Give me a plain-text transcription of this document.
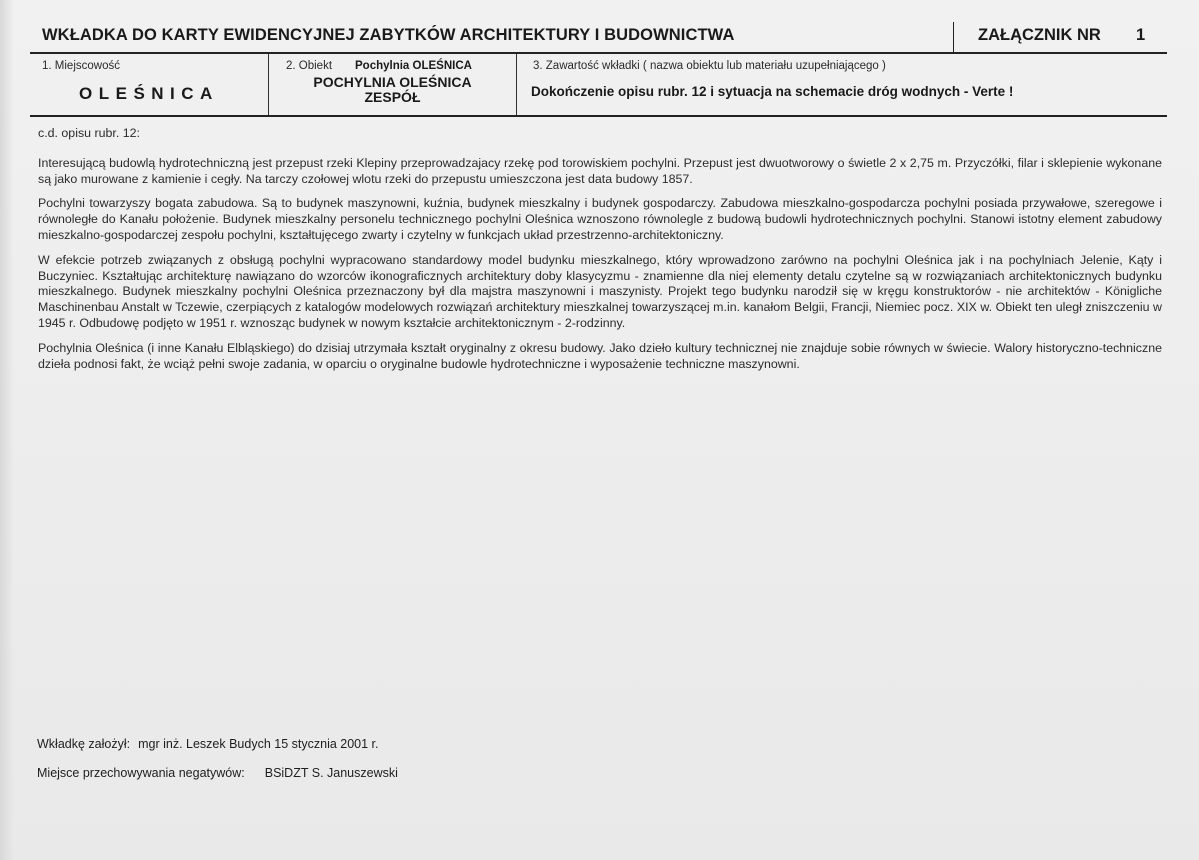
WKŁADKA DO KARTY EWIDENCYJNEJ ZABYTKÓW ARCHITEKTURY I BUDOWNICTWA	ZAŁĄCZNIK NR 1
1. Miejscowość
OLEŚNICA
2. Obiekt Pochylnia OLEŚNICA
POCHYLNIA OLEŚNICA
ZESPÓŁ
3. Zawartość wkładki ( nazwa obiektu lub materiału uzupełniającego )
Dokończenie opisu rubr. 12 i sytuacja na schemacie dróg wodnych - Verte !

c.d. opisu rubr. 12:

Interesującą budowlą hydrotechniczną jest przepust rzeki Klepiny przeprowadzajacy rzekę pod torowiskiem pochylni. Przepust jest dwuotworowy o świetle 2 x 2,75 m. Przyczółki, filar i sklepienie wykonane są jako murowane z kamienie i cegły. Na tarczy czołowej wlotu rzeki do przepustu umieszczona jest data budowy 1857.

Pochylni towarzyszy bogata zabudowa. Są to budynek maszynowni, kuźnia, budynek mieszkalny i budynek gospodarczy. Zabudowa mieszkalno-gospodarcza pochylni posiada przywałowe, szeregowe i równoległe do Kanału położenie. Budynek mieszkalny personelu technicznego pochylni Oleśnica wznoszono równolegle z budową budowli hydrotechnicznych pochylni. Stanowi istotny element zabudowy mieszkalno-gospodarczej zespołu pochylni, kształtujęcego zwarty i czytelny w funkcjach układ przestrzenno-architektoniczny.

W efekcie potrzeb związanych z obsługą pochylni wypracowano standardowy model budynku mieszkalnego, który wprowadzono zarówno na pochylni Oleśnica jak i na pochylniach Jelenie, Kąty i Buczyniec. Kształtując architekturę nawiązano do wzorców ikonograficznych architektury doby klasycyzmu - znamienne dla niej elementy detalu czytelne są w rozwiązaniach architektonicznych budynku mieszkalnego. Budynek mieszkalny pochylni Oleśnica przeznaczony był dla majstra maszynowni i maszynisty. Projekt tego budynku narodził się w kręgu konstruktorów - nie architektów - Königliche Maschinenbau Anstalt w Tczewie, czerpiących z katalogów modelowych rozwiązań architektury mieszkalnej towarzyszącej m.in. kanałom Belgii, Francji, Niemiec pocz. XIX w. Obiekt ten uległ zniszczeniu w 1945 r. Odbudowę podjęto w 1951 r. wznosząc budynek w nowym kształcie architektonicznym - 2-rodzinny.

Pochylnia Oleśnica (i inne Kanału Elbląskiego) do dzisiaj utrzymała kształt oryginalny z okresu budowy. Jako dzieło kultury technicznej nie znajduje sobie równych w świecie. Walory historyczno-techniczne dzieła podnosi fakt, że wciąż pełni swoje zadania, w oparciu o oryginalne budowle hydrotechniczne i wyposażenie techniczne maszynowni.

Wkładkę założył: mgr inż. Leszek Budych 15 stycznia 2001 r.
Miejsce przechowywania negatywów: BSiDZT S. Januszewski
